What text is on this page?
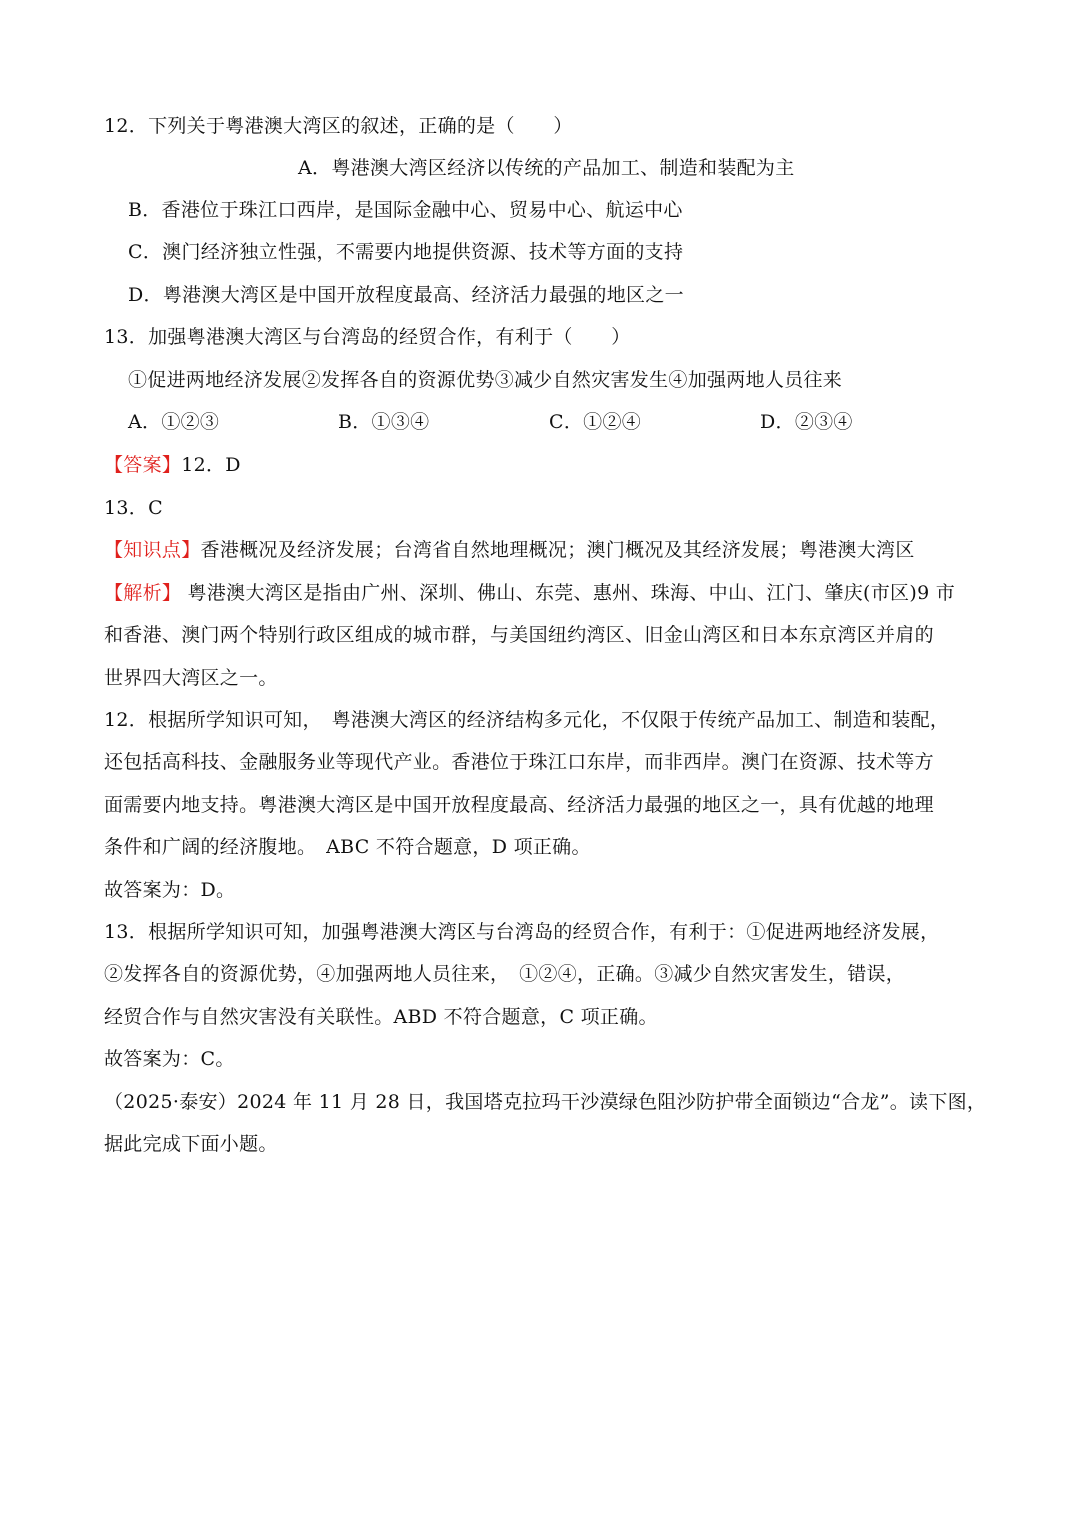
12．下列关于粤港澳大湾区的叙述，正确的是（　　）
A．粤港澳大湾区经济以传统的产品加工、制造和装配为主
B．香港位于珠江口西岸，是国际金融中心、贸易中心、航运中心
C．澳门经济独立性强，不需要内地提供资源、技术等方面的支持
D．粤港澳大湾区是中国开放程度最高、经济活力最强的地区之一
13．加强粤港澳大湾区与台湾岛的经贸合作，有利于（　　）
①促进两地经济发展②发挥各自的资源优势③减少自然灾害发生④加强两地人员往来
A．①②③	B．①③④	C．①②④	D．②③④
【答案】12．D
13．C
【知识点】香港概况及经济发展；台湾省自然地理概况；澳门概况及其经济发展；粤港澳大湾区
【解析】 粤港澳大湾区是指由广州、深圳、佛山、东莞、惠州、珠海、中山、江门、肇庆(市区)9 市
和香港、澳门两个特别行政区组成的城市群，与美国纽约湾区、旧金山湾区和日本东京湾区并肩的
世界四大湾区之一。
12．根据所学知识可知，　粤港澳大湾区的经济结构多元化，不仅限于传统产品加工、制造和装配，
还包括高科技、金融服务业等现代产业。香港位于珠江口东岸，而非西岸。澳门在资源、技术等方
面需要内地支持。粤港澳大湾区是中国开放程度最高、经济活力最强的地区之一，具有优越的地理
条件和广阔的经济腹地。　ABC 不符合题意，D 项正确。
故答案为：D。
13．根据所学知识可知，加强粤港澳大湾区与台湾岛的经贸合作，有利于：①促进两地经济发展，
②发挥各自的资源优势，④加强两地人员往来，　①②④，正确。③减少自然灾害发生，错误，
经贸合作与自然灾害没有关联性。ABD 不符合题意，C 项正确。
故答案为：C。
（2025·泰安）2024 年 11 月 28 日，我国塔克拉玛干沙漠绿色阻沙防护带全面锁边“合龙”。读下图，
据此完成下面小题。
